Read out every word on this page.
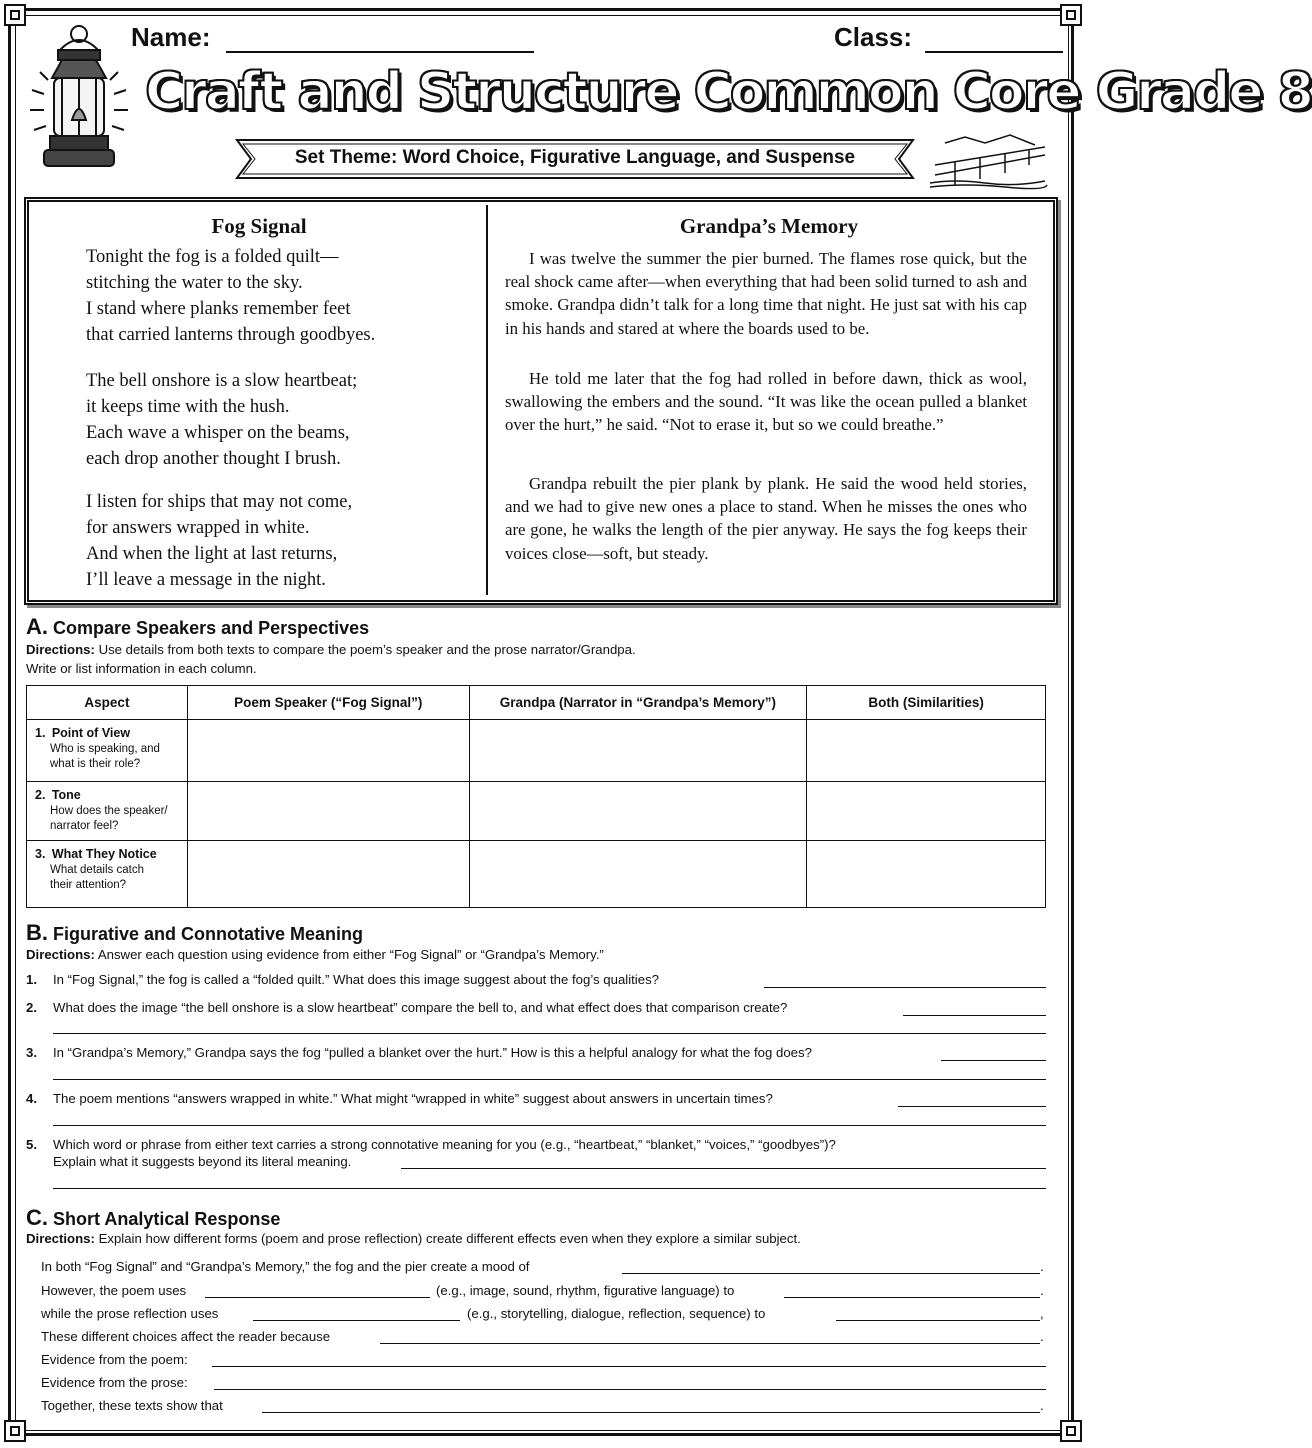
Name:	Class:
Craft and Structure Common Core Grade 8
Set Theme: Word Choice, Figurative Language, and Suspense
Fog Signal
Tonight the fog is a folded quilt—
stitching the water to the sky.
I stand where planks remember feet
that carried lanterns through goodbyes.
The bell onshore is a slow heartbeat;
it keeps time with the hush.
Each wave a whisper on the beams,
each drop another thought I brush.
I listen for ships that may not come,
for answers wrapped in white.
And when the light at last returns,
I’ll leave a message in the night.
Grandpa’s Memory

I was twelve the summer the pier burned. The flames rose quick, but the real shock came after—when everything that had been solid turned to ash and smoke. Grandpa didn’t talk for a long time that night. He just sat with his cap in his hands and stared at where the boards used to be.

He told me later that the fog had rolled in before dawn, thick as wool, swallowing the embers and the sound. “It was like the ocean pulled a blanket over the hurt,” he said. “Not to erase it, but so we could breathe.”

Grandpa rebuilt the pier plank by plank. He said the wood held stories, and we had to give new ones a place to stand. When he misses the ones who are gone, he walks the length of the pier anyway. He says the fog keeps their voices close—soft, but steady.

A. Compare Speakers and Perspectives
Directions: Use details from both texts to compare the poem’s speaker and the prose narrator/Grandpa.
Write or list information in each column.
Aspect	Poem Speaker (“Fog Signal”)	Grandpa (Narrator in “Grandpa’s Memory”)	Both (Similarities)
1. Point of View
Who is speaking, and
what is their role?			
2. Tone
How does the speaker/
narrator feel?			
3. What They Notice
What details catch
their attention?			
B. Figurative and Connotative Meaning
Directions: Answer each question using evidence from either “Fog Signal” or “Grandpa’s Memory.”
1. In “Fog Signal,” the fog is called a “folded quilt.” What does this image suggest about the fog’s qualities?
2. What does the image “the bell onshore is a slow heartbeat” compare the bell to, and what effect does that comparison create?
3. In “Grandpa’s Memory,” Grandpa says the fog “pulled a blanket over the hurt.” How is this a helpful analogy for what the fog does?
4. The poem mentions “answers wrapped in white.” What might “wrapped in white” suggest about answers in uncertain times?
5. Which word or phrase from either text carries a strong connotative meaning for you (e.g., “heartbeat,” “blanket,” “voices,” “goodbyes”)?
Explain what it suggests beyond its literal meaning.
C. Short Analytical Response
Directions: Explain how different forms (poem and prose reflection) create different effects even when they explore a similar subject.
In both “Fog Signal” and “Grandpa’s Memory,” the fog and the pier create a mood of	.
However, the poem uses	(e.g., image, sound, rhythm, figurative language) to	.
while the prose reflection uses	(e.g., storytelling, dialogue, reflection, sequence) to	,
These different choices affect the reader because	.
Evidence from the poem:
Evidence from the prose:
Together, these texts show that	.
